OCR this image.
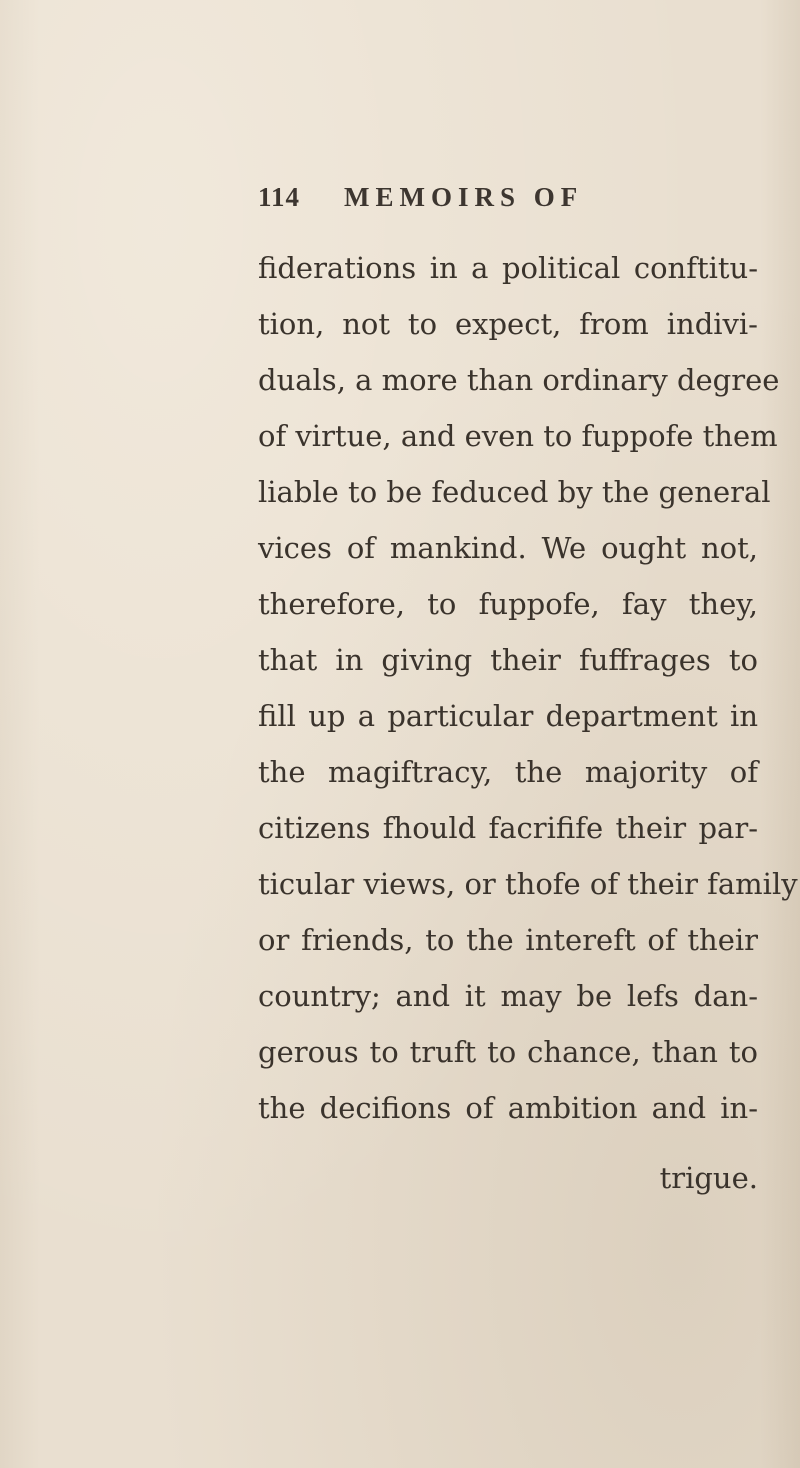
114 MEMOIRS OF
fiderations in a political conftitu-
tion, not to expect, from indivi-
duals, a more than ordinary degree
of virtue, and even to fuppofe them
liable to be feduced by the general
vices of mankind. We ought not,
therefore, to fuppofe, fay they,
that in giving their fuffrages to
fill up a particular department in
the magiftracy, the majority of
citizens fhould facrifife their par-
ticular views, or thofe of their family
or friends, to the intereft of their
country; and it may be lefs dan-
gerous to truft to chance, than to
the decifions of ambition and in-
trigue.
